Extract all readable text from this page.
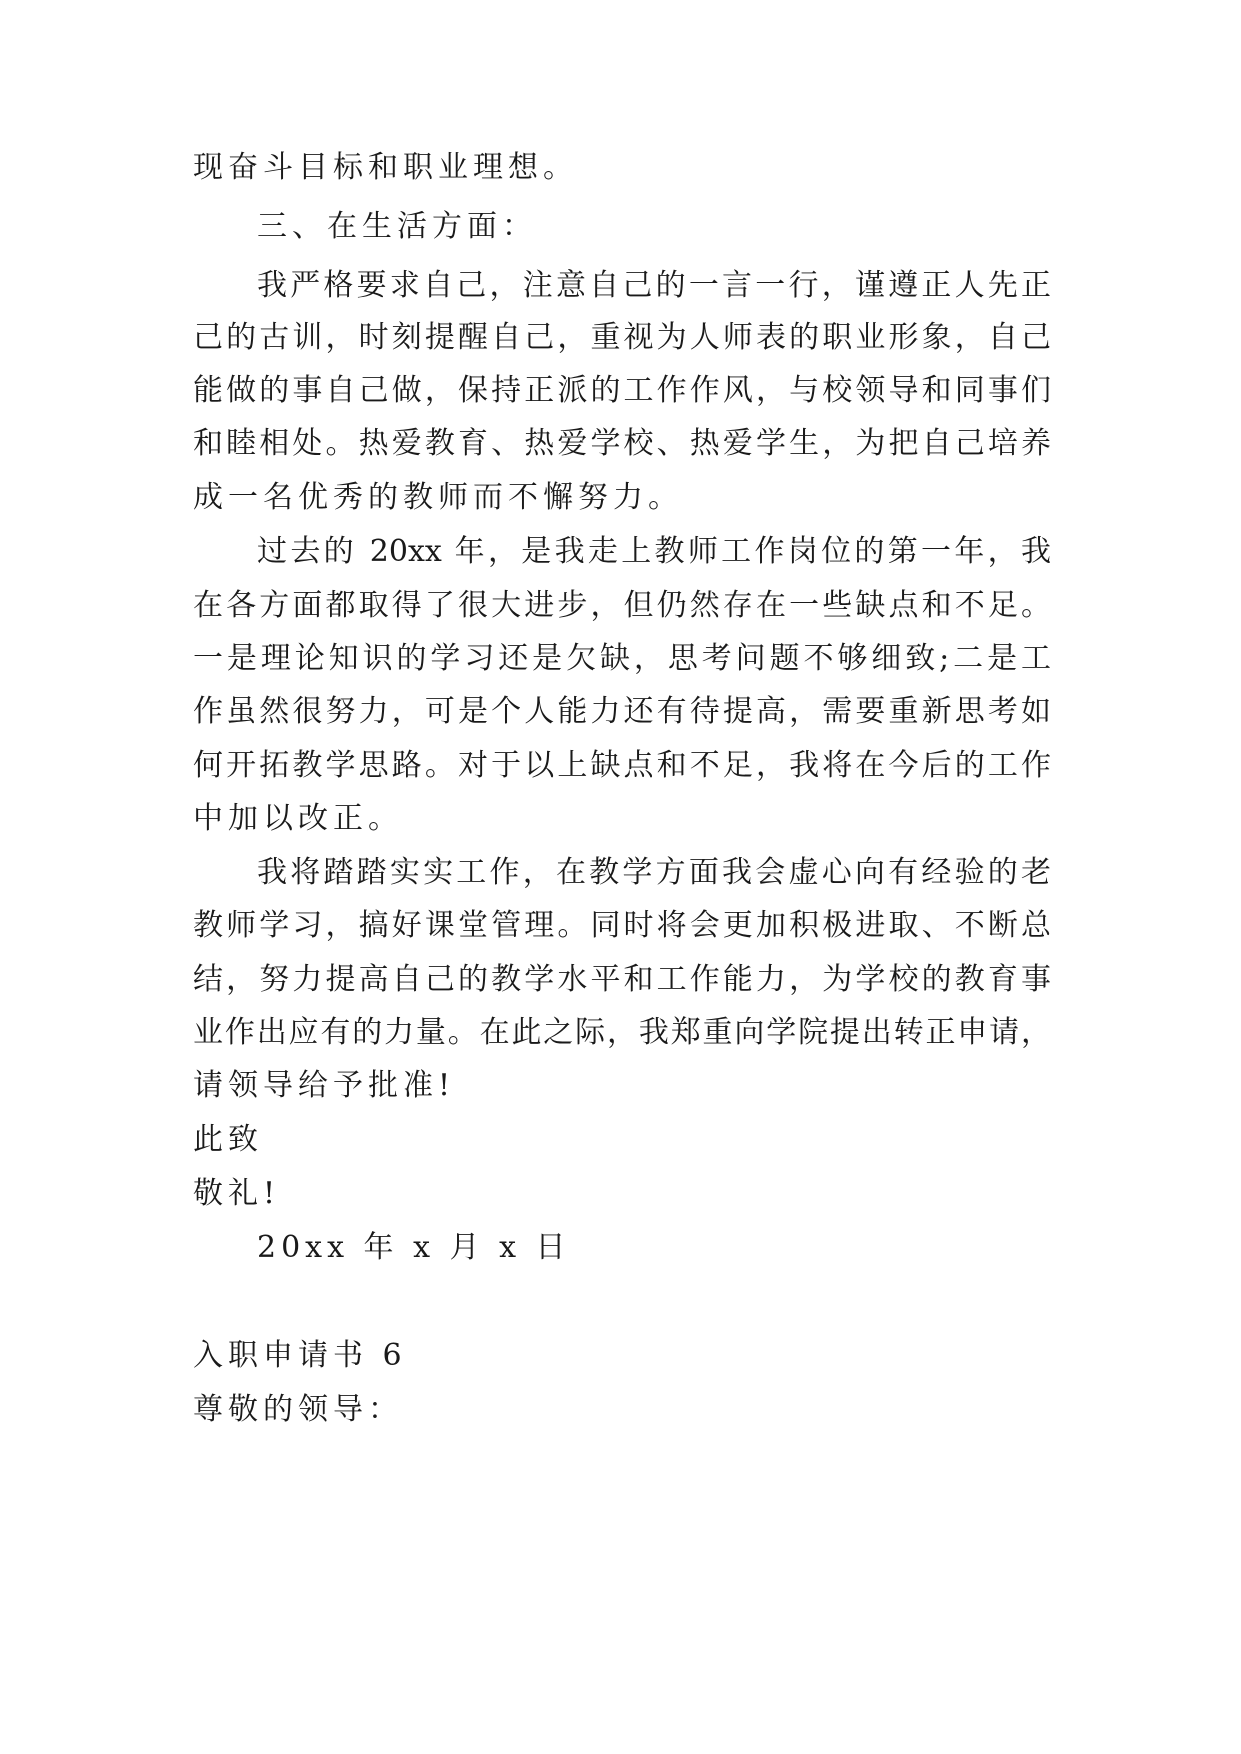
现奋斗目标和职业理想。
三、在生活方面：
我严格要求自己，注意自己的一言一行，谨遵正人先正
己的古训，时刻提醒自己，重视为人师表的职业形象，自己
能做的事自己做，保持正派的工作作风，与校领导和同事们
和睦相处。热爱教育、热爱学校、热爱学生，为把自己培养
成一名优秀的教师而不懈努力。
过去的 20xx 年，是我走上教师工作岗位的第一年，我
在各方面都取得了很大进步，但仍然存在一些缺点和不足。
一是理论知识的学习还是欠缺，思考问题不够细致;二是工
作虽然很努力，可是个人能力还有待提高，需要重新思考如
何开拓教学思路。对于以上缺点和不足，我将在今后的工作
中加以改正。
我将踏踏实实工作，在教学方面我会虚心向有经验的老
教师学习，搞好课堂管理。同时将会更加积极进取、不断总
结，努力提高自己的教学水平和工作能力，为学校的教育事
业作出应有的力量。在此之际，我郑重向学院提出转正申请，
请领导给予批准!
此致
敬礼!
20xx 年 x 月 x 日
入职申请书 6
尊敬的领导：
